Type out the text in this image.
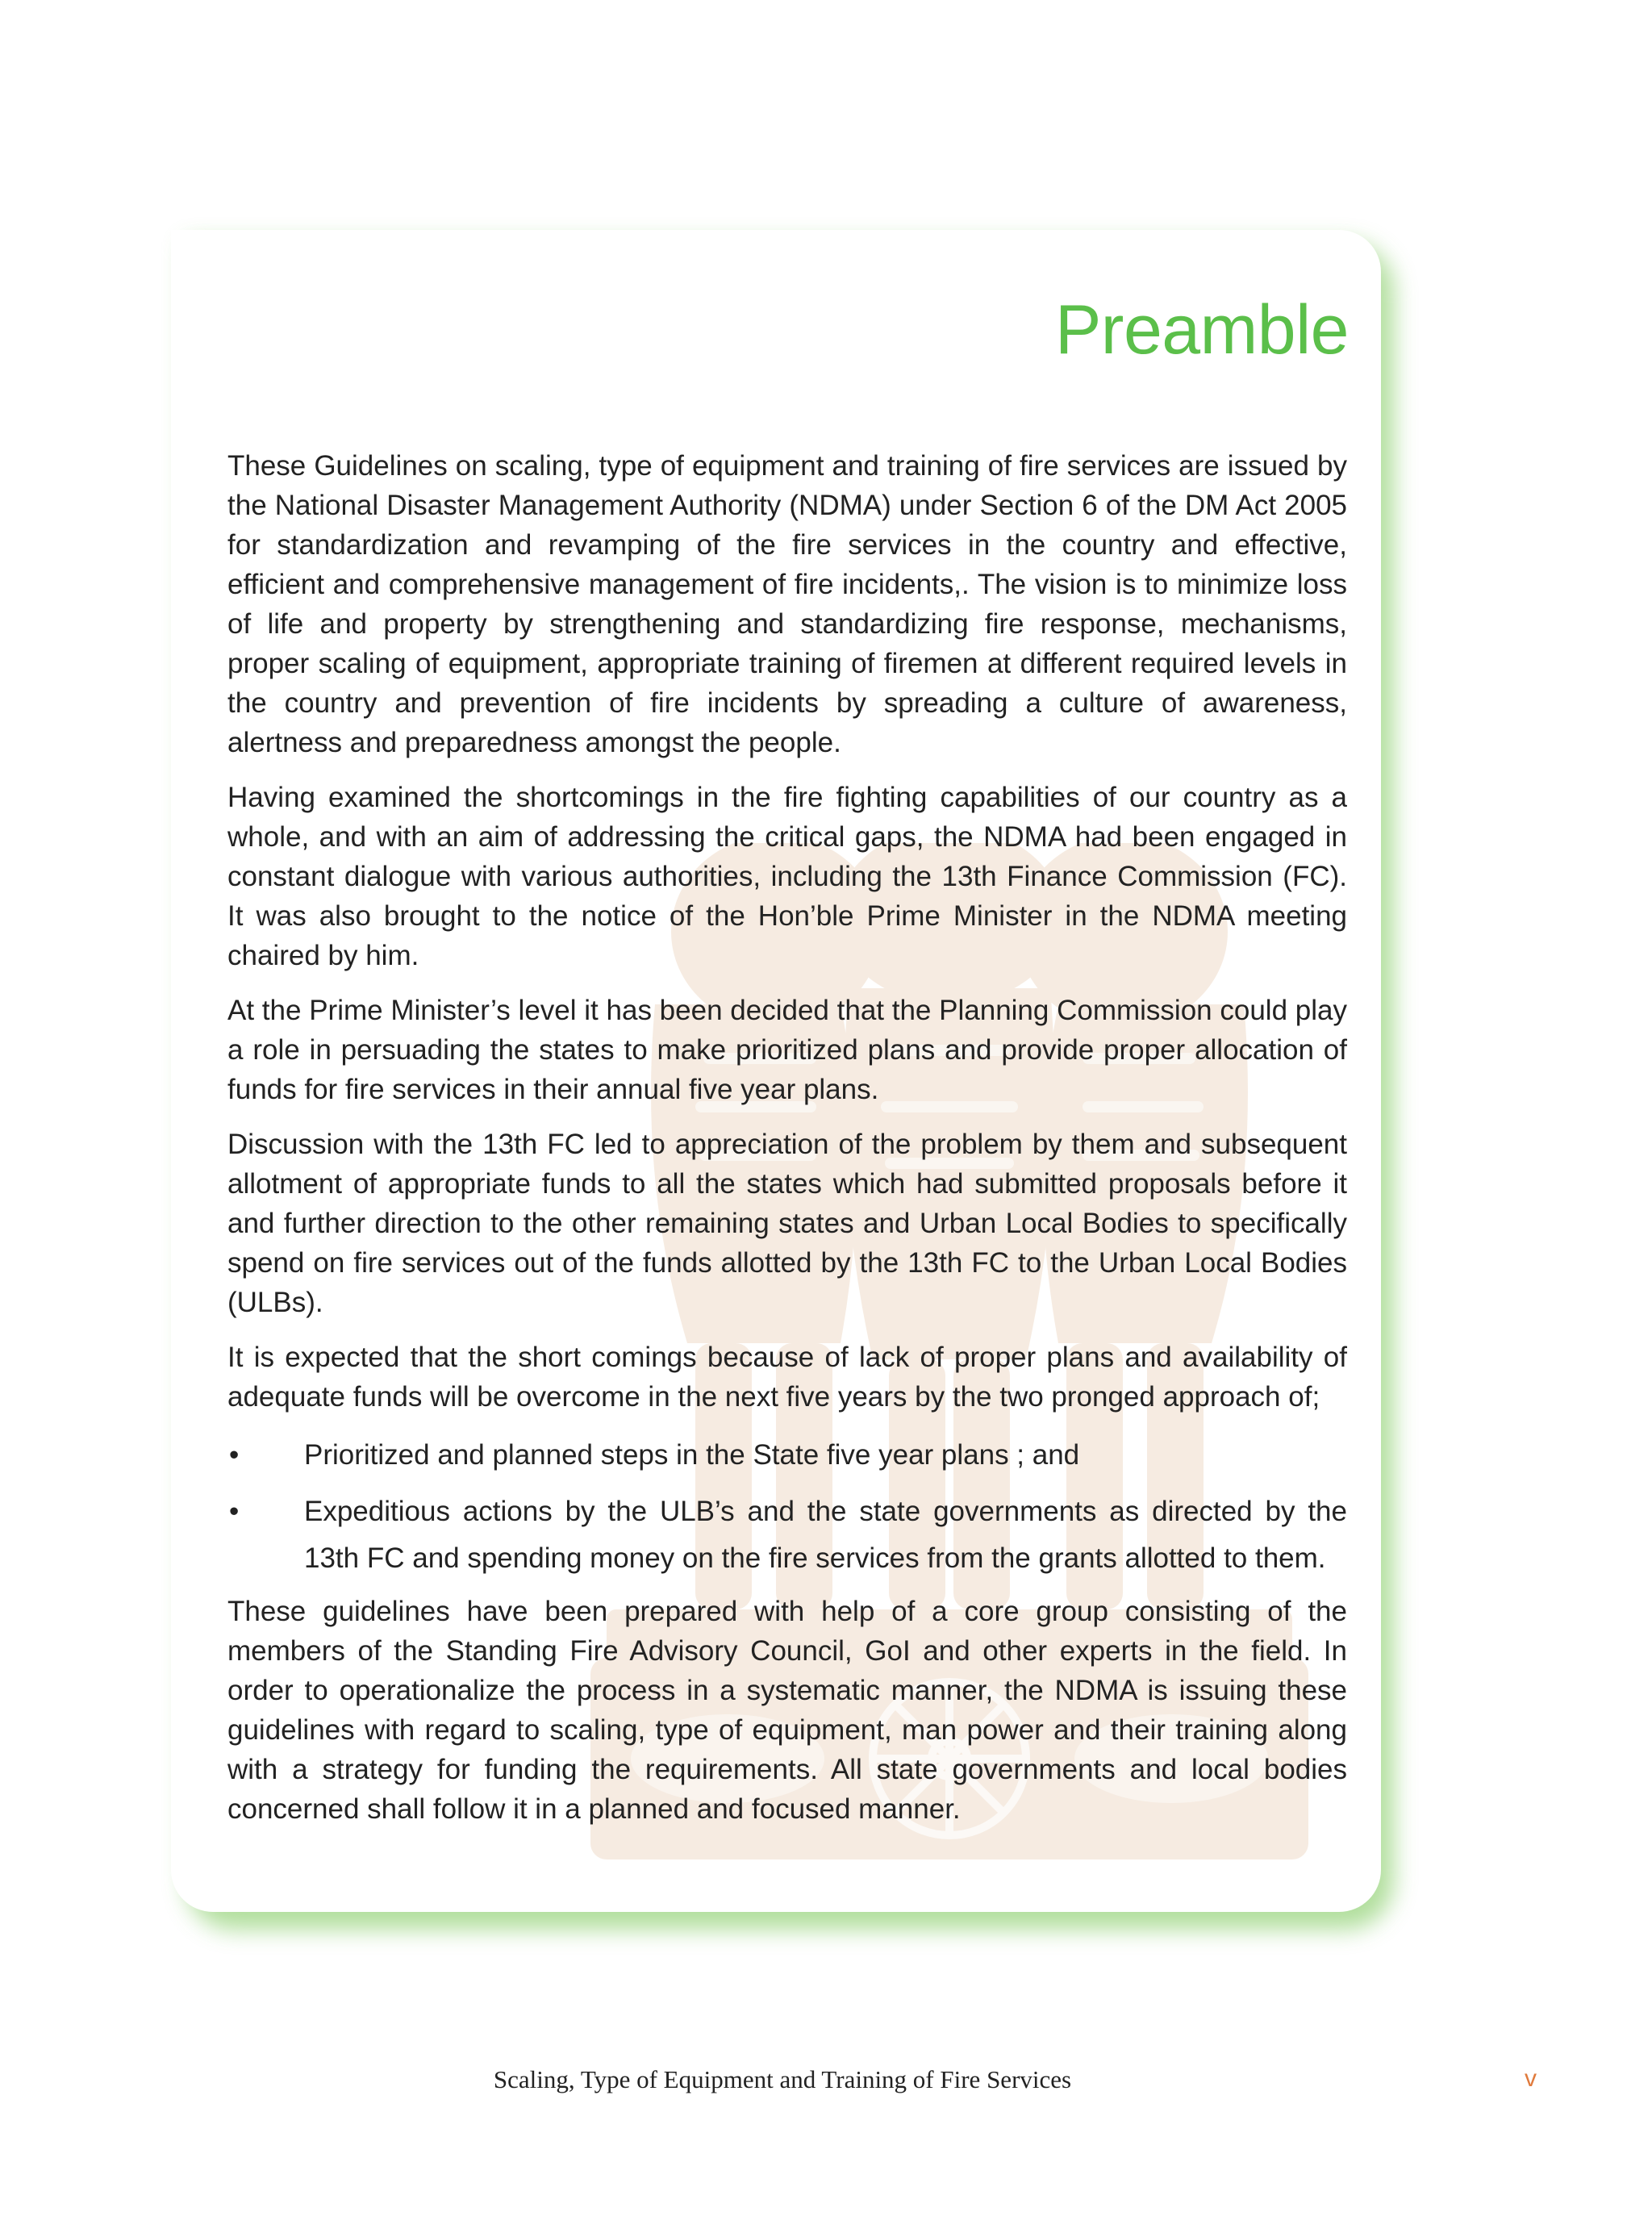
Preamble

These Guidelines on scaling, type of equipment and training of fire services are issued by the National Disaster Management Authority (NDMA) under Section 6 of the DM Act 2005 for standardization and revamping of the fire services in the country and effective, efficient and comprehensive management of fire incidents,. The vision is to minimize loss of life and property by strengthening and standardizing fire response, mechanisms, proper scaling of equipment, appropriate training of firemen at different required levels in the country and prevention of fire incidents by spreading a culture of awareness, alertness and preparedness amongst the people.

Having examined the shortcomings in the fire fighting capabilities of our country as a whole, and with an aim of addressing the critical gaps, the NDMA had been engaged in constant dialogue with various authorities, including the 13th Finance Commission (FC). It was also brought to the notice of the Hon’ble Prime Minister in the NDMA meeting chaired by him.

At the Prime Minister’s level it has been decided that the Planning Commission could play a role in persuading the states to make prioritized plans and provide proper allocation of funds for fire services in their annual five year plans.

Discussion with the 13th FC led to appreciation of the problem by them and subsequent allotment of appropriate funds to all the states which had submitted proposals before it and further direction to the other remaining states and Urban Local Bodies to specifically spend on fire services out of the funds allotted by the 13th FC to the Urban Local Bodies (ULBs).

It is expected that the short comings because of lack of proper plans and availability of adequate funds will be overcome in the next five years by the two pronged approach of;

• Prioritized and planned steps in the State five year plans ; and
• Expeditious actions by the ULB’s and the state governments as directed by the 13th FC and spending money on the fire services from the grants allotted to them.

These guidelines have been prepared with help of a core group consisting of the members of the Standing Fire Advisory Council, GoI and other experts in the field. In order to operationalize the process in a systematic manner, the NDMA is issuing these guidelines with regard to scaling, type of equipment, man power and their training along with a strategy for funding the requirements. All state governments and local bodies concerned shall follow it in a planned and focused manner.

Scaling, Type of Equipment and Training of Fire Services	v
